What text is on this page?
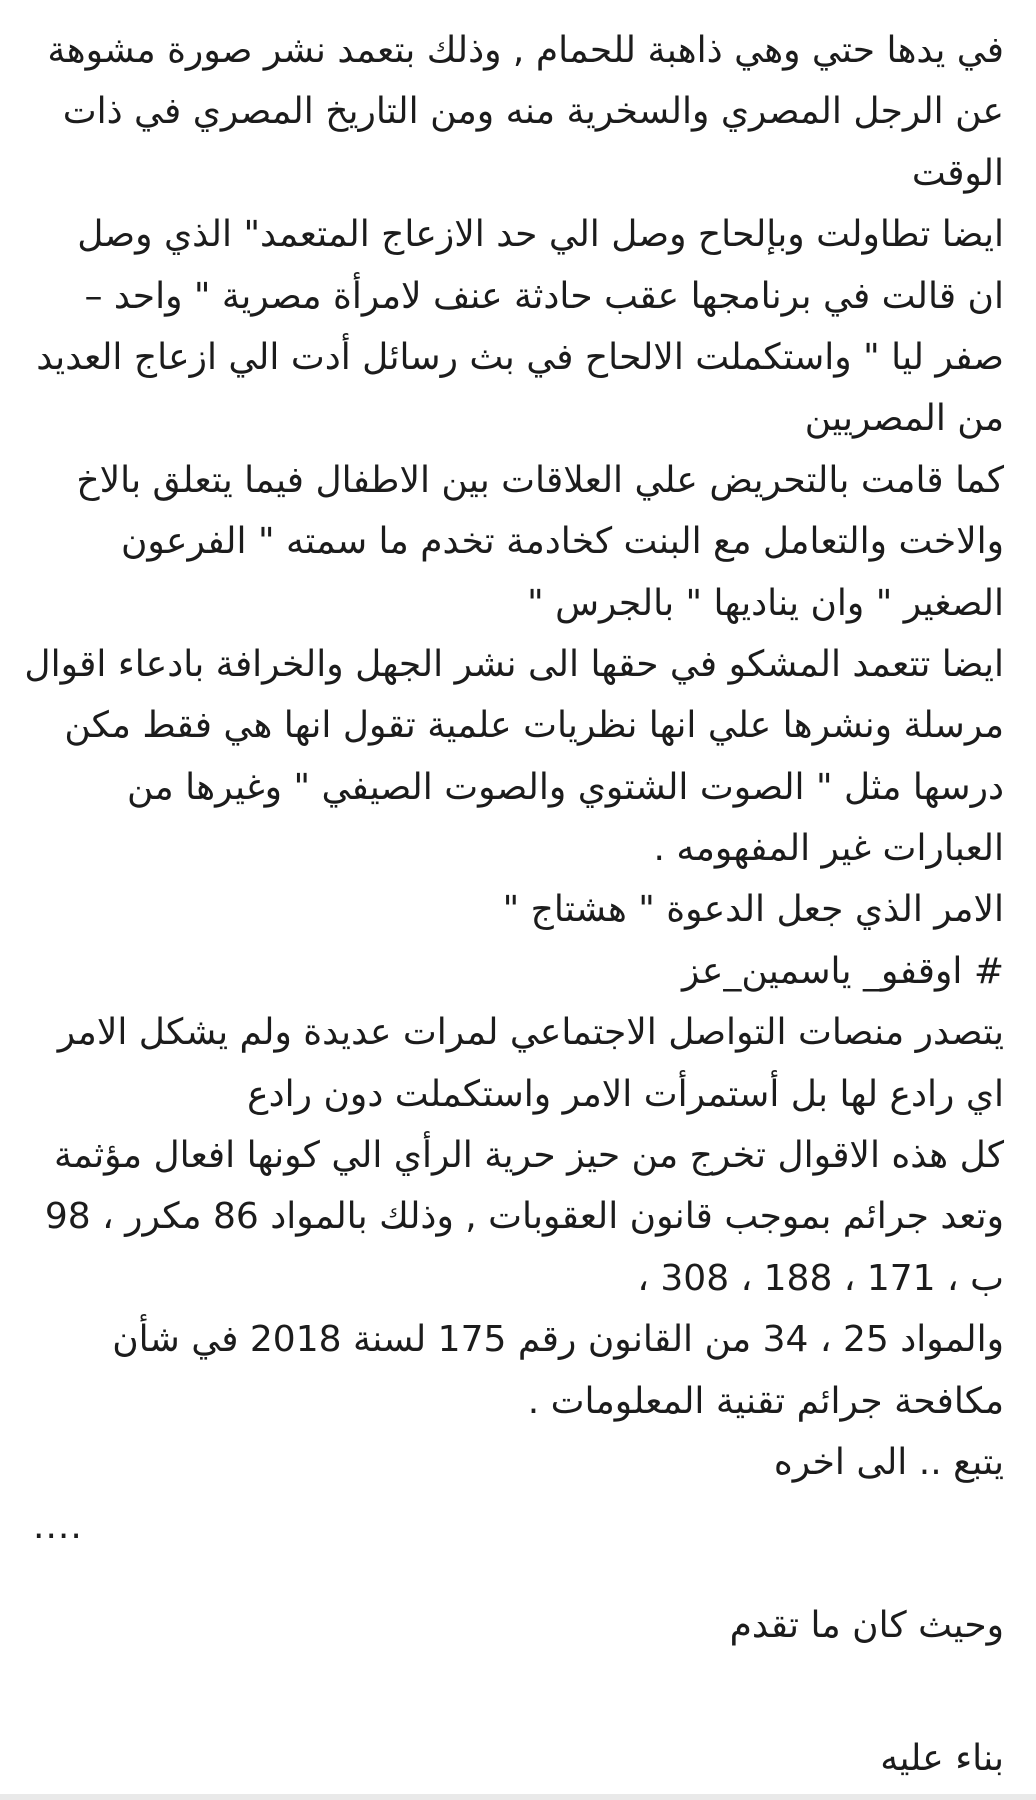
في يدها حتي وهي ذاهبة للحمام , وذلك بتعمد نشر صورة مشوهة
عن الرجل المصري والسخرية منه ومن التاريخ المصري في ذات
الوقت
ايضا تطاولت وبإلحاح وصل الي حد الازعاج المتعمد" الذي وصل
ان قالت في برنامجها عقب حادثة عنف لامرأة مصرية " واحد –
صفر ليا " واستكملت الالحاح في بث رسائل أدت الي ازعاج العديد
من المصريين
كما قامت بالتحريض علي العلاقات بين الاطفال فيما يتعلق بالاخ
والاخت والتعامل مع البنت كخادمة تخدم ما سمته " الفرعون
الصغير " وان يناديها " بالجرس "
ايضا تتعمد المشكو في حقها الى نشر الجهل والخرافة بادعاء اقوال
مرسلة ونشرها علي انها نظريات علمية تقول انها هي فقط مكن
درسها مثل " الصوت الشتوي والصوت الصيفي " وغيرها من
العبارات غير المفهومه .
الامر الذي جعل الدعوة " هشتاج "
# اوقفو_ ياسمين_عز
يتصدر منصات التواصل الاجتماعي لمرات عديدة ولم يشكل الامر
اي رادع لها بل أستمرأت الامر واستكملت دون رادع
كل هذه الاقوال تخرج من حيز حرية الرأي الي كونها افعال مؤثمة
وتعد جرائم بموجب قانون العقوبات , وذلك بالمواد 86 مكرر ، 98
ب ، 171 ، 188 ، 308 ،
والمواد 25 ، 34 من القانون رقم 175 لسنة 2018 في شأن
مكافحة جرائم تقنية المعلومات .
يتبع .. الى اخره
....
وحيث كان ما تقدم
بناء عليه
